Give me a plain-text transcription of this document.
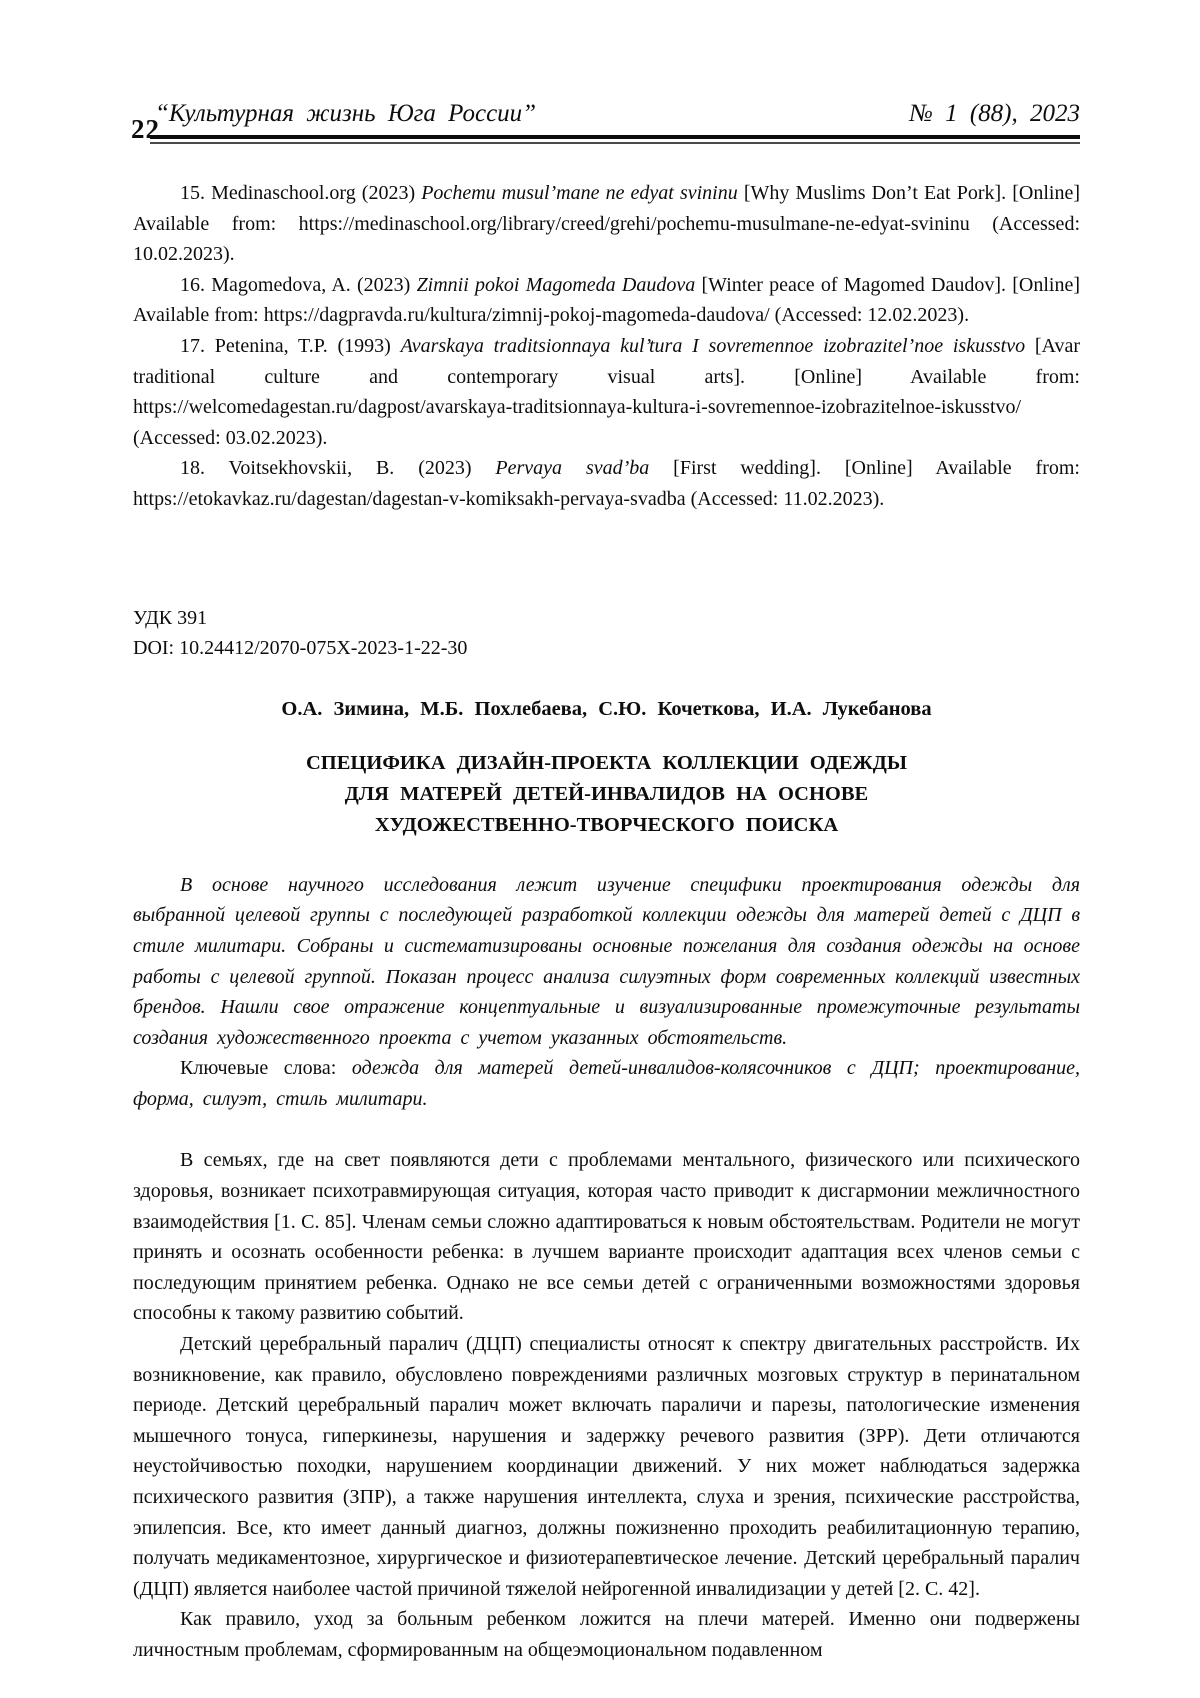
22
“Культурная жизнь Юга России”	№ 1 (88), 2023

15. Medinaschool.org (2023) Pochemu musul’mane ne edyat svininu [Why Muslims Don’t Eat Pork]. [Online] Available from: https://medinaschool.org/library/creed/grehi/pochemu-musulmane-ne-edyat-svininu (Accessed: 10.02.2023).

16. Magomedova, A. (2023) Zimnii pokoi Magomeda Daudova [Winter peace of Magomed Daudov]. [Online] Available from: https://dagpravda.ru/kultura/zimnij-pokoj-magomeda-daudova/ (Accessed: 12.02.2023).

17. Petenina, T.P. (1993) Avarskaya traditsionnaya kul’tura I sovremennoe izobrazitel’noe iskusstvo [Avar traditional culture and contemporary visual arts]. [Online] Available from: https://welcomedagestan.ru/dagpost/avarskaya-traditsionnaya-kultura-i-sovremennoe-izobrazitelnoe-iskusstvo/ (Accessed: 03.02.2023).

18. Voitsekhovskii, B. (2023) Pervaya svad’ba [First wedding]. [Online] Available from: https://etokavkaz.ru/dagestan/dagestan-v-komiksakh-pervaya-svadba (Accessed: 11.02.2023).

УДК 391
DOI: 10.24412/2070-075X-2023-1-22-30
О.А. Зимина, М.Б. Похлебаева, С.Ю. Кочеткова, И.А. Лукебанова
СПЕЦИФИКА ДИЗАЙН-ПРОЕКТА КОЛЛЕКЦИИ ОДЕЖДЫ
ДЛЯ МАТЕРЕЙ ДЕТЕЙ-ИНВАЛИДОВ НА ОСНОВЕ
ХУДОЖЕСТВЕННО-ТВОРЧЕСКОГО ПОИСКА

В основе научного исследования лежит изучение специфики проектирования одежды для выбранной целевой группы с последующей разработкой коллекции одежды для матерей детей с ДЦП в стиле милитари. Собраны и систематизированы основные пожелания для создания одежды на основе работы с целевой группой. Показан процесс анализа силуэтных форм современных коллекций известных брендов. Нашли свое отражение концептуальные и визуализированные промежуточные результаты создания художественного проекта с учетом указанных обстоятельств.

Ключевые слова: одежда для матерей детей-инвалидов-колясочников с ДЦП; проектирование, форма, силуэт, стиль милитари.

В семьях, где на свет появляются дети с проблемами ментального, физического или психического здоровья, возникает психотравмирующая ситуация, которая часто приводит к дисгармонии межличностного взаимодействия [1. С. 85]. Членам семьи сложно адаптироваться к новым обстоятельствам. Родители не могут принять и осознать особенности ребенка: в лучшем варианте происходит адаптация всех членов семьи с последующим принятием ребенка. Однако не все семьи детей с ограниченными возможностями здоровья способны к такому развитию событий.

Детский церебральный паралич (ДЦП) специалисты относят к спектру двигательных расстройств. Их возникновение, как правило, обусловлено повреждениями различных мозговых структур в перинатальном периоде. Детский церебральный паралич может включать параличи и парезы, патологические изменения мышечного тонуса, гиперкинезы, нарушения и задержку речевого развития (ЗРР). Дети отличаются неустойчивостью походки, нарушением координации движений. У них может наблюдаться задержка психического развития (ЗПР), а также нарушения интеллекта, слуха и зрения, психические расстройства, эпилепсия. Все, кто имеет данный диагноз, должны пожизненно проходить реабилитационную терапию, получать медикаментозное, хирургическое и физиотерапевтическое лечение. Детский церебральный паралич (ДЦП) является наиболее частой причиной тяжелой нейрогенной инвалидизации у детей [2. С. 42].

Как правило, уход за больным ребенком ложится на плечи матерей. Именно они подвержены личностным проблемам, сформированным на общеэмоциональном подавленном
